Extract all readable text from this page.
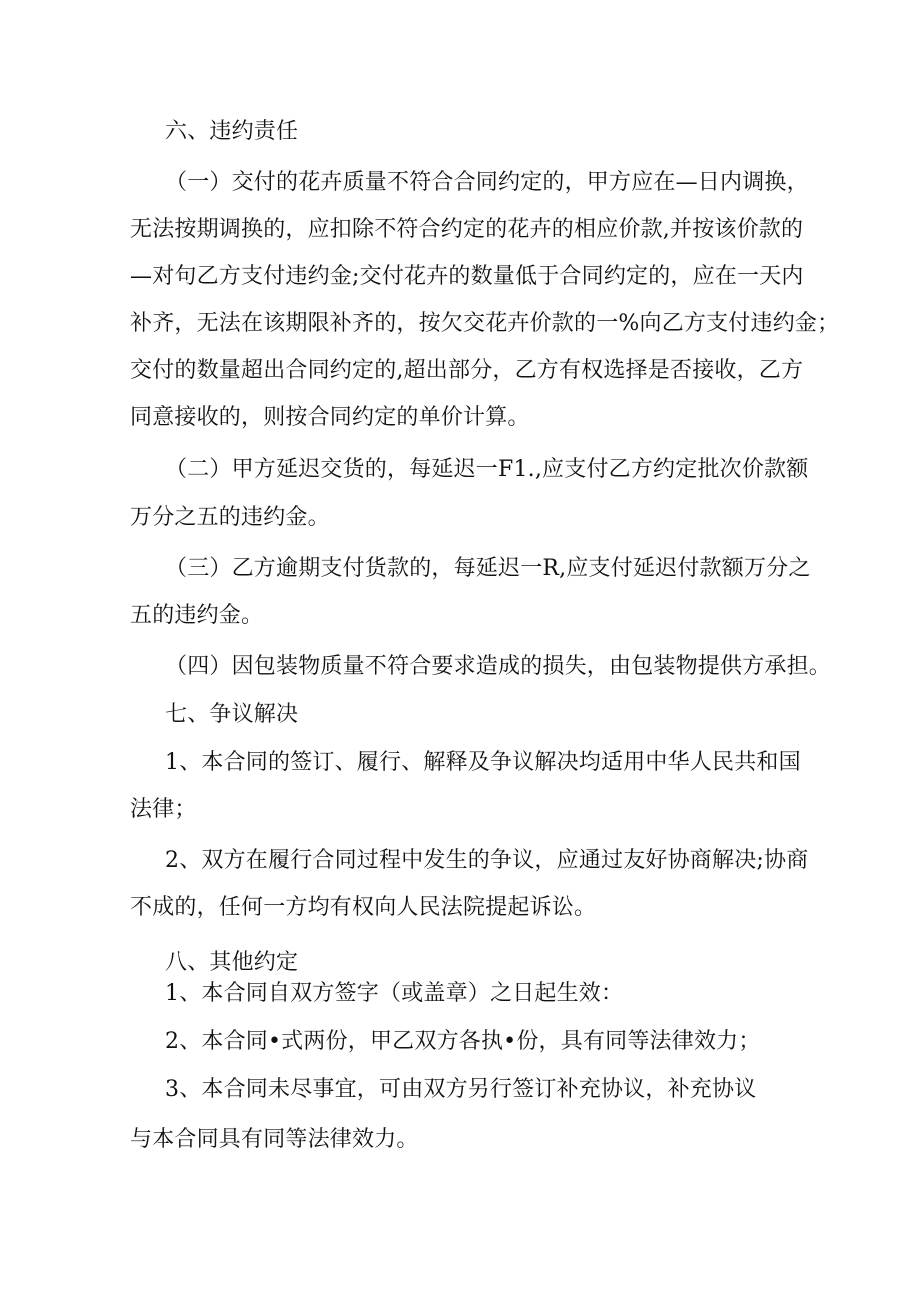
六、违约责任
（一）交付的花卉质量不符合合同约定的，甲方应在—日内调换，
无法按期调换的，应扣除不符合约定的花卉的相应价款,并按该价款的
—对句乙方支付违约金;交付花卉的数量低于合同约定的，应在一天内
补齐，无法在该期限补齐的，按欠交花卉价款的一%向乙方支付违约金；
交付的数量超出合同约定的,超出部分，乙方有权选择是否接收，乙方
同意接收的，则按合同约定的单价计算。
（二）甲方延迟交货的，每延迟一F1.,应支付乙方约定批次价款额
万分之五的违约金。
（三）乙方逾期支付货款的，每延迟一R,应支付延迟付款额万分之
五的违约金。
（四）因包装物质量不符合要求造成的损失，由包装物提供方承担。
七、争议解决
1、本合同的签订、履行、解释及争议解决均适用中华人民共和国
法律；
2、双方在履行合同过程中发生的争议，应通过友好协商解决;协商
不成的，任何一方均有权向人民法院提起诉讼。
八、其他约定
1、本合同自双方签字（或盖章）之日起生效：
2、本合同•式两份，甲乙双方各执•份，具有同等法律效力；
3、本合同未尽事宜，可由双方另行签订补充协议，补充协议
与本合同具有同等法律效力。
